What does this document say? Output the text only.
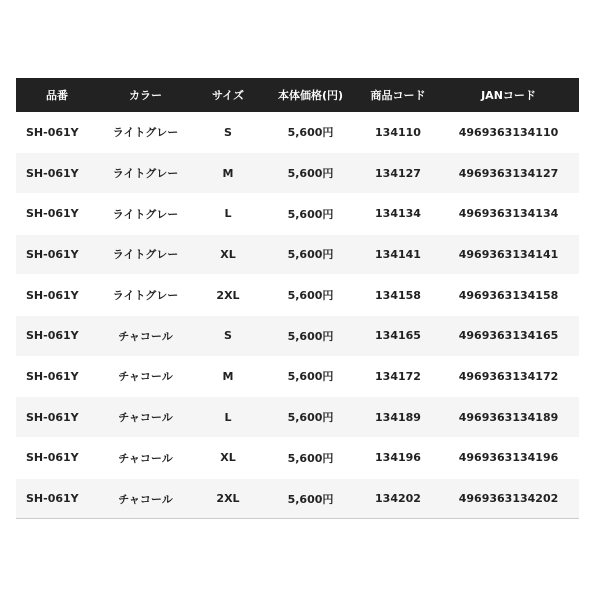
品番	カラー	サイズ	本体価格(円)	商品コード	JANコード
SH-061Y	ライトグレー	S	5,600円	134110	4969363134110
SH-061Y	ライトグレー	M	5,600円	134127	4969363134127
SH-061Y	ライトグレー	L	5,600円	134134	4969363134134
SH-061Y	ライトグレー	XL	5,600円	134141	4969363134141
SH-061Y	ライトグレー	2XL	5,600円	134158	4969363134158
SH-061Y	チャコール	S	5,600円	134165	4969363134165
SH-061Y	チャコール	M	5,600円	134172	4969363134172
SH-061Y	チャコール	L	5,600円	134189	4969363134189
SH-061Y	チャコール	XL	5,600円	134196	4969363134196
SH-061Y	チャコール	2XL	5,600円	134202	4969363134202
